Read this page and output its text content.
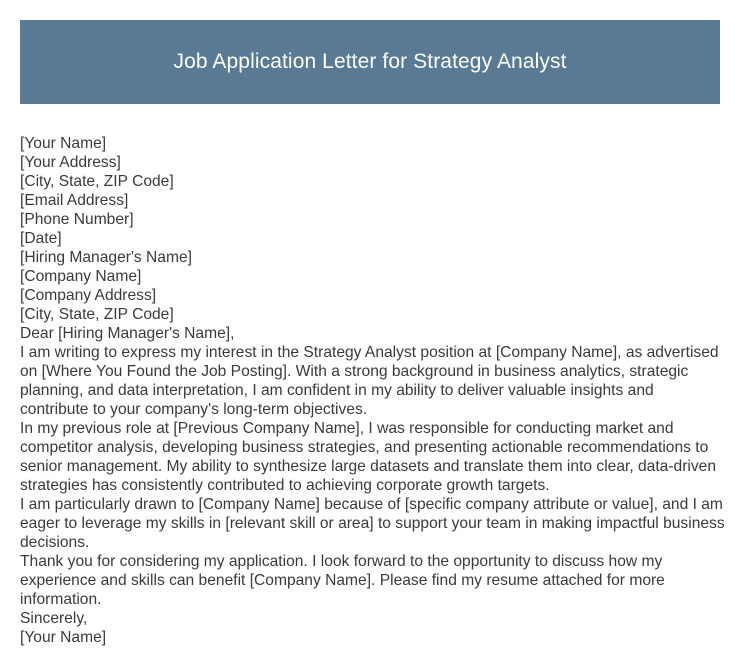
Job Application Letter for Strategy Analyst
[Your Name]
[Your Address]
[City, State, ZIP Code]
[Email Address]
[Phone Number]
[Date]
[Hiring Manager's Name]
[Company Name]
[Company Address]
[City, State, ZIP Code]
Dear [Hiring Manager's Name],

I am writing to express my interest in the Strategy Analyst position at [Company Name], as advertised on [Where You Found the Job Posting]. With a strong background in business analytics, strategic planning, and data interpretation, I am confident in my ability to deliver valuable insights and contribute to your company's long-term objectives.

In my previous role at [Previous Company Name], I was responsible for conducting market and competitor analysis, developing business strategies, and presenting actionable recommendations to senior management. My ability to synthesize large datasets and translate them into clear, data-driven strategies has consistently contributed to achieving corporate growth targets.

I am particularly drawn to [Company Name] because of [specific company attribute or value], and I am eager to leverage my skills in [relevant skill or area] to support your team in making impactful business decisions.

Thank you for considering my application. I look forward to the opportunity to discuss how my experience and skills can benefit [Company Name]. Please find my resume attached for more information.

Sincerely,
[Your Name]
